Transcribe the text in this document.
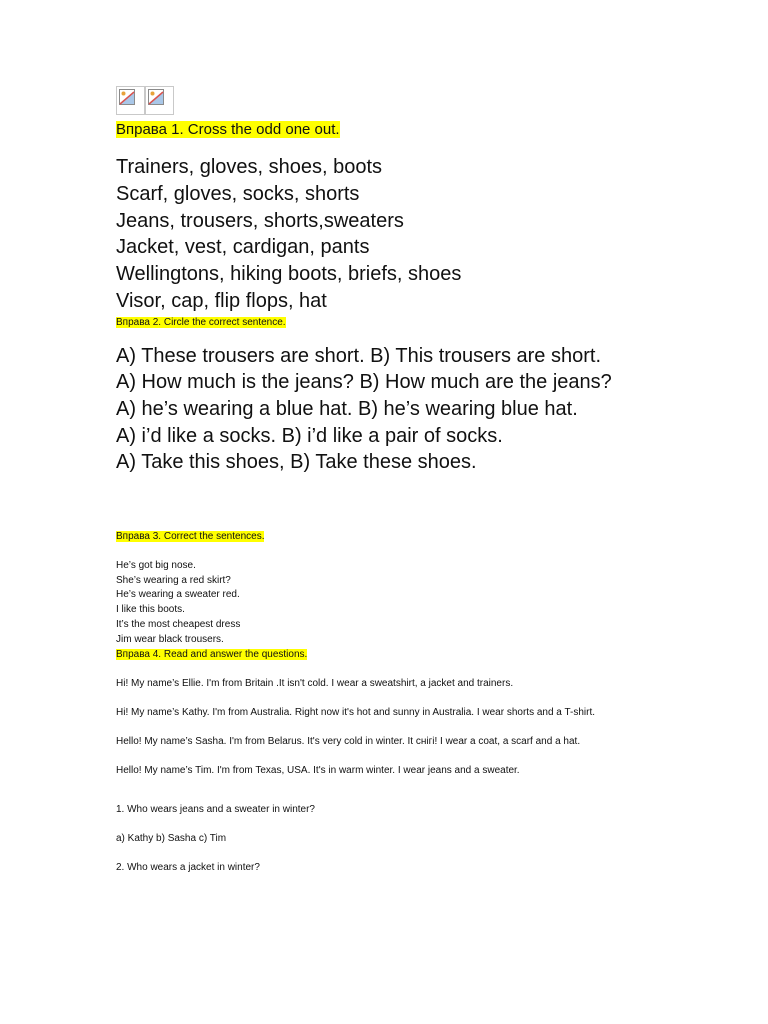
Вправа 1. Cross the odd one out.
Trainers, gloves, shoes, boots
Scarf, gloves, socks, shorts
Jeans, trousers, shorts,sweaters
Jacket, vest, cardigan, pants
Wellingtons, hiking boots, briefs, shoes
Visor, cap, flip flops, hat
Вправа 2. Circle the correct sentence.
A) These trousers are short. B) This trousers are short.
A) How much is the jeans? B) How much are the jeans?
A) he’s wearing a blue hat. B) he’s wearing blue hat.
A) i’d like a socks. B) i’d like a pair of socks.
A) Take this shoes, B) Take these shoes.
Вправа 3. Correct the sentences.
He’s got big nose.
She’s wearing a red skirt?
He’s wearing a sweater red.
I like this boots.
It’s the most cheapest dress
Jim wear black trousers.
Вправа 4. Read and answer the questions.
Hi! My name’s Ellie. I'm from Britain .It isn't cold. I wear a sweatshirt, a jacket and trainers.
Hi! My name’s Kathy. I'm from Australia. Right now it's hot and sunny in Australia. I wear shorts and a T-shirt.
Hello! My name’s Sasha. I'm from Belarus. It's very cold in winter. It снігі! I wear a coat, a scarf and a hat.
Hello! My name’s Tim. I'm from Texas, USA. It's in warm winter. I wear jeans and a sweater.
1. Who wears jeans and a sweater in winter?
a) Kathy b) Sasha c) Tim
2. Who wears a jacket in winter?
